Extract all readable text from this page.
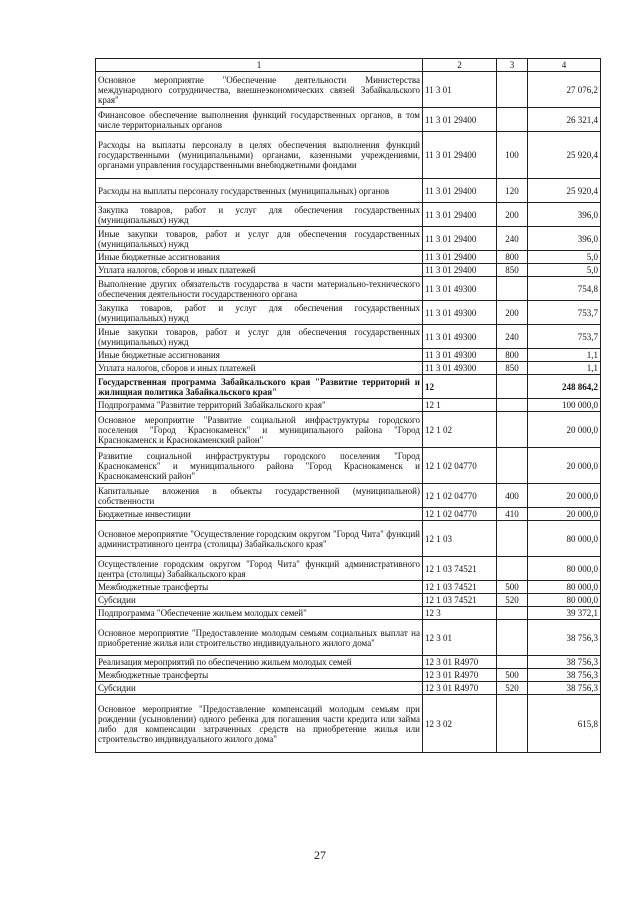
1	2	3	4
Основное мероприятие "Обеспечение деятельности Министерства международного сотрудничества, внешнеэкономических связей Забайкальского края"	11 3 01		27 076,2
Финансовое обеспечение выполнения функций государственных органов, в том числе территориальных органов	11 3 01 29400		26 321,4
Расходы на выплаты персоналу в целях обеспечения выполнения функций государственными (муниципальными) органами, казенными учреждениями, органами управления государственными внебюджетными фондами	11 3 01 29400	100	25 920,4
Расходы на выплаты персоналу государственных (муниципальных) органов	11 3 01 29400	120	25 920,4
Закупка товаров, работ и услуг для обеспечения государственных (муниципальных) нужд	11 3 01 29400	200	396,0
Иные закупки товаров, работ и услуг для обеспечения государственных (муниципальных) нужд	11 3 01 29400	240	396,0
Иные бюджетные ассигнования	11 3 01 29400	800	5,0
Уплата налогов, сборов и иных платежей	11 3 01 29400	850	5,0
Выполнение других обязательств государства в части материально-технического обеспечения деятельности государственного органа	11 3 01 49300		754,8
Закупка товаров, работ и услуг для обеспечения государственных (муниципальных) нужд	11 3 01 49300	200	753,7
Иные закупки товаров, работ и услуг для обеспечения государственных (муниципальных) нужд	11 3 01 49300	240	753,7
Иные бюджетные ассигнования	11 3 01 49300	800	1,1
Уплата налогов, сборов и иных платежей	11 3 01 49300	850	1,1
Государственная программа Забайкальского края "Развитие территорий и жилищная политика Забайкальского края"	12		248 864,2
Подпрограмма "Развитие территорий Забайкальского края"	12 1		100 000,0
Основное мероприятие "Развитие социальной инфраструктуры городского поселения "Город Краснокаменск" и муниципального района "Город Краснокаменск и Краснокаменский район"	12 1 02		20 000,0
Развитие социальной инфраструктуры городского поселения "Город Краснокаменск" и муниципального района "Город Краснокаменск и Краснокаменский район"	12 1 02 04770		20 000,0
Капитальные вложения в объекты государственной (муниципальной) собственности	12 1 02 04770	400	20 000,0
Бюджетные инвестиции	12 1 02 04770	410	20 000,0
Основное мероприятие "Осуществление городским округом "Город Чита" функций административного центра (столицы) Забайкальского края"	12 1 03		80 000,0
Осуществление городским округом "Город Чита" функций административного центра (столицы) Забайкальского края	12 1 03 74521		80 000,0
Межбюджетные трансферты	12 1 03 74521	500	80 000,0
Субсидии	12 1 03 74521	520	80 000,0
Подпрограмма "Обеспечение жильем молодых семей"	12 3		39 372,1
Основное мероприятие "Предоставление молодым семьям социальных выплат на приобретение жилья или строительство индивидуального жилого дома"	12 3 01		38 756,3
Реализация мероприятий по обеспечению жильем молодых семей	12 3 01 R4970		38 756,3
Межбюджетные трансферты	12 3 01 R4970	500	38 756,3
Субсидии	12 3 01 R4970	520	38 756,3
Основное мероприятие "Предоставление компенсаций молодым семьям при рождении (усыновлении) одного ребенка для погашения части кредита или займа либо для компенсации затраченных средств на приобретение жилья или строительство индивидуального жилого дома"	12 3 02		615,8
27
